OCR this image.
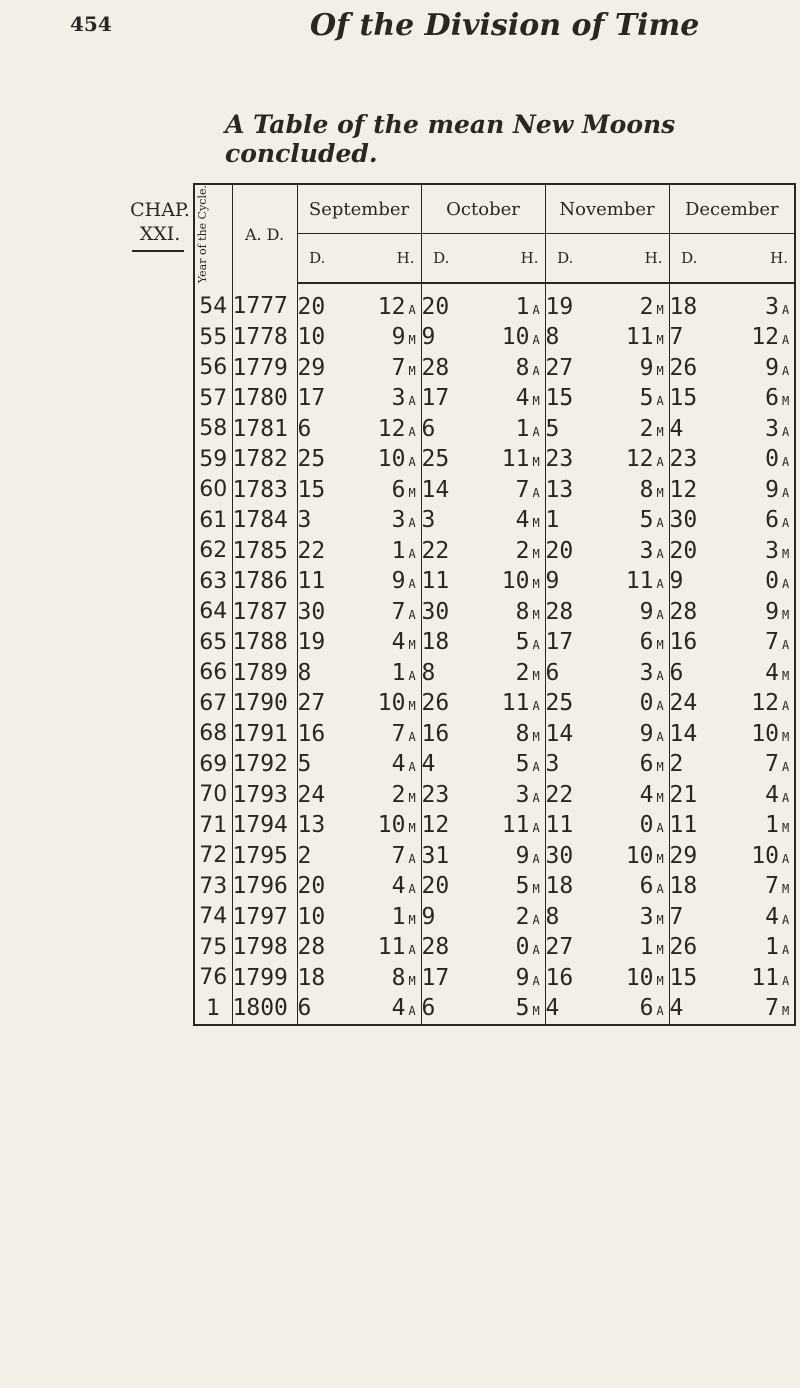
454	Of the Division of Time
A Table of the mean New Moons concluded.
CHAP.
XXI.	Year of the Cycle.	A. D.	September		October		November		December	
		D.	H.	D.	H.	D.	H.	D.	H.
54	1777	20	12 A	20	1 A	19	2 M	18	3 A
55	1778	10	9 M	9	10 A	8	11 M	7	12 A
56	1779	29	7 M	28	8 A	27	9 M	26	9 A
57	1780	17	3 A	17	4 M	15	5 A	15	6 M
58	1781	6	12 A	6	1 A	5	2 M	4	3 A
59	1782	25	10 A	25	11 M	23	12 A	23	0 A
60	1783	15	6 M	14	7 A	13	8 M	12	9 A
61	1784	3	3 A	3	4 M	1	5 A	30	6 A
62	1785	22	1 A	22	2 M	20	3 A	20	3 M
63	1786	11	9 A	11	10 M	9	11 A	9	0 A
64	1787	30	7 A	30	8 M	28	9 A	28	9 M
65	1788	19	4 M	18	5 A	17	6 M	16	7 A
66	1789	8	1 A	8	2 M	6	3 A	6	4 M
67	1790	27	10 M	26	11 A	25	0 A	24	12 A
68	1791	16	7 A	16	8 M	14	9 A	14	10 M
69	1792	5	4 A	4	5 A	3	6 M	2	7 A
70	1793	24	2 M	23	3 A	22	4 M	21	4 A
71	1794	13	10 M	12	11 A	11	0 A	11	1 M
72	1795	2	7 A	31	9 A	30	10 M	29	10 A
73	1796	20	4 A	20	5 M	18	6 A	18	7 M
74	1797	10	1 M	9	2 A	8	3 M	7	4 A
75	1798	28	11 A	28	0 A	27	1 M	26	1 A
76	1799	18	8 M	17	9 A	16	10 M	15	11 A
1	1800	6	4 A	6	5 M	4	6 A	4	7 M
